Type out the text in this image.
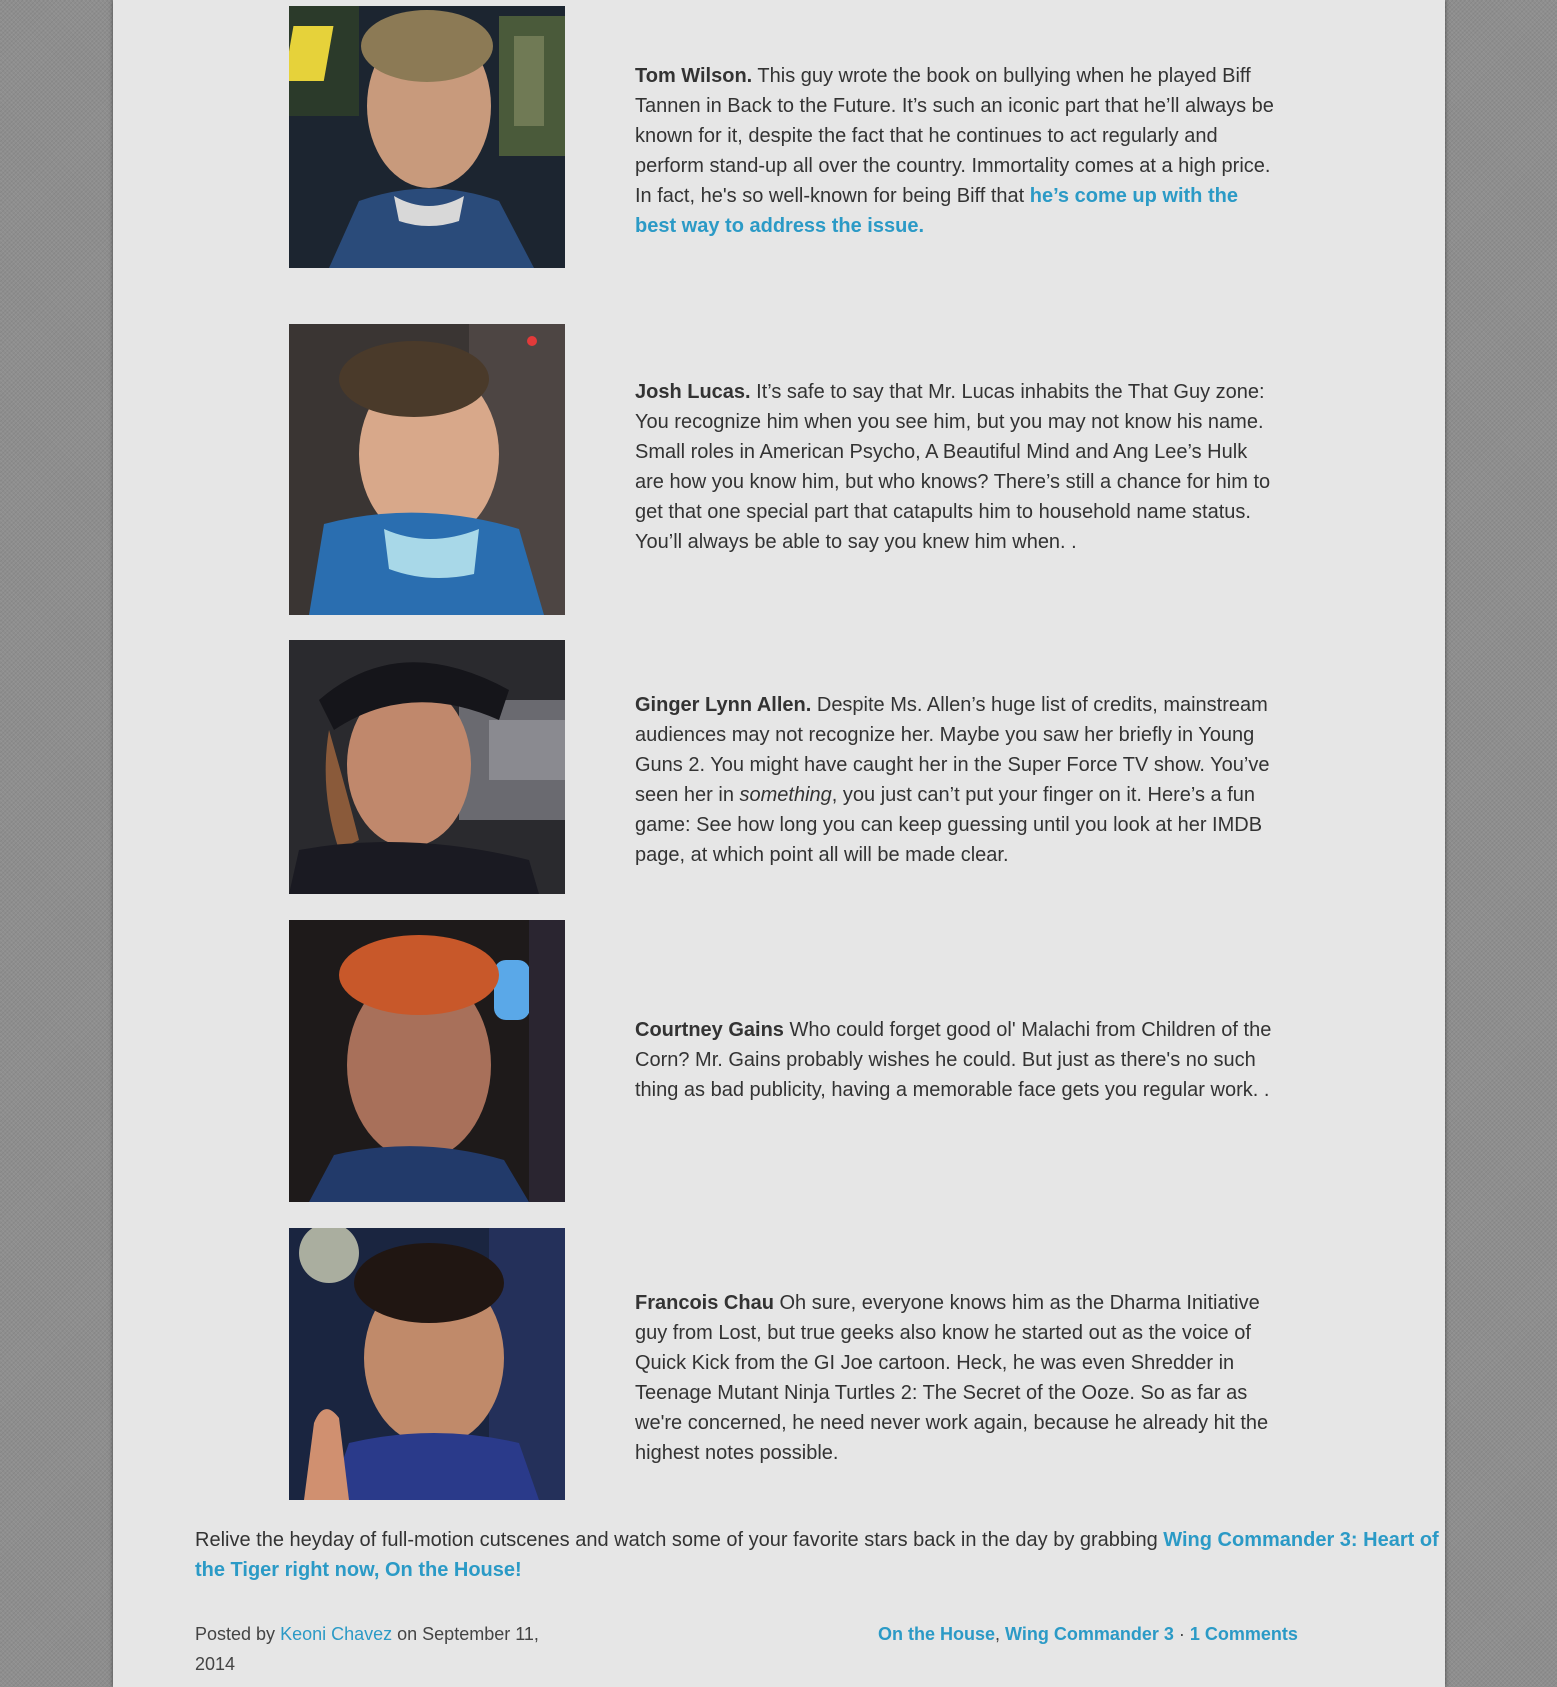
Tom Wilson. This guy wrote the book on bullying when he played Biff Tannen in Back to the Future. It’s such an iconic part that he’ll always be known for it, despite the fact that he continues to act regularly and perform stand-up all over the country. Immortality comes at a high price. In fact, he's so well-known for being Biff that he’s come up with the best way to address the issue.
Josh Lucas. It’s safe to say that Mr. Lucas inhabits the That Guy zone: You recognize him when you see him, but you may not know his name. Small roles in American Psycho, A Beautiful Mind and Ang Lee’s Hulk are how you know him, but who knows? There’s still a chance for him to get that one special part that catapults him to household name status. You’ll always be able to say you knew him when. .
Ginger Lynn Allen. Despite Ms. Allen’s huge list of credits, mainstream audiences may not recognize her. Maybe you saw her briefly in Young Guns 2. You might have caught her in the Super Force TV show. You’ve seen her in something, you just can’t put your finger on it. Here’s a fun game: See how long you can keep guessing until you look at her IMDB page, at which point all will be made clear.
Courtney Gains Who could forget good ol' Malachi from Children of the Corn? Mr. Gains probably wishes he could. But just as there's no such thing as bad publicity, having a memorable face gets you regular work. .
Francois Chau Oh sure, everyone knows him as the Dharma Initiative guy from Lost, but true geeks also know he started out as the voice of Quick Kick from the GI Joe cartoon. Heck, he was even Shredder in Teenage Mutant Ninja Turtles 2: The Secret of the Ooze. So as far as we're concerned, he need never work again, because he already hit the highest notes possible.
Relive the heyday of full-motion cutscenes and watch some of your favorite stars back in the day by grabbing Wing Commander 3: Heart of the Tiger right now, On the House!
Posted by Keoni Chavez on September 11, 2014
On the House, Wing Commander 3 · 1 Comments
